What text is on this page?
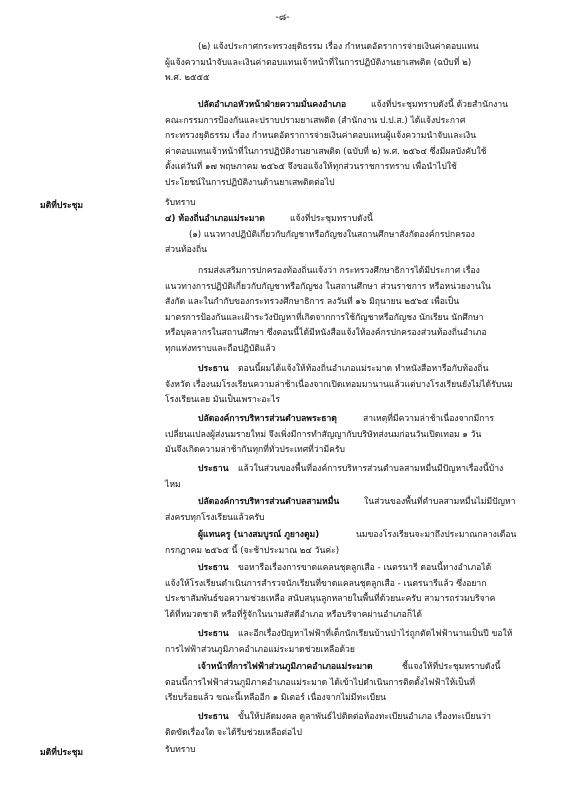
-๘-
(๒) แจ้งประกาศกระทรวงยุติธรรม เรื่อง กำหนดอัตราการจ่ายเงินค่าตอบแทน
ผู้แจ้งความนำจับและเงินค่าตอบแทนเจ้าหน้าที่ในการปฏิบัติงานยาเสพติด (ฉบับที่ ๒)
พ.ศ. ๒๕๕๕
ปลัดอำเภอหัวหน้าฝ่ายความมั่นคงอำเภอ	แจ้งที่ประชุมทราบดังนี้ ด้วยสำนักงาน
คณะกรรมการป้องกันและปราบปรามยาเสพติด (สำนักงาน ป.ป.ส.) ได้แจ้งประกาศ
กระทรวงยุติธรรม เรื่อง กำหนดอัตราการจ่ายเงินค่าตอบแทนผู้แจ้งความนำจับและเงิน
ค่าตอบแทนเจ้าหน้าที่ในการปฏิบัติงานยาเสพติด (ฉบับที่ ๒) พ.ศ. ๒๕๖๔ ซึ่งมีผลบังคับใช้
ตั้งแต่วันที่ ๑๗ พฤษภาคม ๒๕๖๕ จึงขอแจ้งให้ทุกส่วนราชการทราบ เพื่อนำไปใช้
ประโยชน์ในการปฏิบัติงานด้านยาเสพติดต่อไป
รับทราบ
๔) ท้องถิ่นอำเภอแม่ระมาด	แจ้งที่ประชุมทราบดังนี้
(๑) แนวทางปฏิบัติเกี่ยวกับกัญชาหรือกัญชงในสถานศึกษาสังกัดองค์กรปกครอง
ส่วนท้องถิ่น
กรมส่งเสริมการปกครองท้องถิ่นแจ้งว่า กระทรวงศึกษาธิการได้มีประกาศ เรื่อง
แนวทางการปฏิบัติเกี่ยวกับกัญชาหรือกัญชง ในสถานศึกษา ส่วนราชการ หรือหน่วยงานใน
สังกัด และในกำกับของกระทรวงศึกษาธิการ ลงวันที่ ๑๖ มิถุนายน ๒๕๖๕ เพื่อเป็น
มาตรการป้องกันและเฝ้าระวังปัญหาที่เกิดจากการใช้กัญชาหรือกัญชง นักเรียน นักศึกษา
หรือบุคลากรในสถานศึกษา ซึ่งตอนนี้ได้มีหนังสือแจ้งให้องค์กรปกครองส่วนท้องถิ่นอำเภอ
ทุกแห่งทราบและถือปฏิบัติแล้ว
ประธาน ตอนนี้ผมได้แจ้งให้ท้องถิ่นอำเภอแม่ระมาด ทำหนังสือหารือกับท้องถิ่น
จังหวัด เรื่องนมโรงเรียนความล่าช้าเนื่องจากเปิดเทอมมานานแล้วแต่บางโรงเรียนยังไม่ได้รับนม
โรงเรียนเลย มันเป็นเพราะอะไร
ปลัดองค์การบริหารส่วนตำบลพระธาตุ	สาเหตุที่มีความล่าช้าเนื่องจากมีการ
เปลี่ยนแปลงผู้ส่งนมรายใหม่ จึงเพิ่งมีการทำสัญญากับบริษัทส่งนมก่อนวันเปิดเทอม ๑ วัน
มันจึงเกิดความล่าช้ากันทุกที่ทั่วประเทศที่ว่ามีครับ
ประธาน แล้วในส่วนของพื้นที่องค์การบริหารส่วนตำบลสามหมื่นมีปัญหาเรื่องนี้บ้าง
ไหม
ปลัดองค์การบริหารส่วนตำบลสามหมื่น	ในส่วนของพื้นที่ตำบลสามหมื่นไม่มีปัญหา
ส่งครบทุกโรงเรียนแล้วครับ
ผู้แทนครู (นางสมบูรณ์ ภูยางตูม)	นมของโรงเรียนจะมาถึงประมาณกลางเดือน
กรกฎาคม ๒๕๖๕ นี้ (จะช้าประมาณ ๒๔ วันค่ะ)
ประธาน ขอหารือเรื่องการขาดแคลนชุดลูกเสือ - เนตรนารี ตอนนี้ทางอำเภอได้
แจ้งให้โรงเรียนดำเนินการสำรวจนักเรียนที่ขาดแคลนชุดลูกเสือ - เนตรนารีแล้ว ซึ่งอยาก
ประชาสัมพันธ์ขอความช่วยเหลือ สนับสนุนลูกหลายในพื้นที่ด้วยนะครับ สามารถร่วมบริจาค
ได้ที่หมวดชาติ หรือที่รู้จักในนามสัสดีอำเภอ หรือบริจาคผ่านอำเภอก็ได้
ประธาน และอีกเรื่องปัญหาไฟฟ้าที่เด็กนักเรียนบ้านป่าไร่ถูกตัดไฟฟ้านานเป็นปี ขอให้
การไฟฟ้าส่วนภูมิภาคอำเภอแม่ระมาดช่วยเหลือด้วย
เจ้าหน้าที่การไฟฟ้าส่วนภูมิภาคอำเภอแม่ระมาด	ชี้แจงให้ที่ประชุมทราบดังนี้
ตอนนี้การไฟฟ้าส่วนภูมิภาคอำเภอแม่ระมาด ได้เข้าไปดำเนินการติดตั้งไฟฟ้าให้เป็นที่
เรียบร้อยแล้ว ขณะนี้เหลืออีก ๑ มิเตอร์ เนื่องจากไม่มีทะเบียน
ประธาน ขั้นให้ปลัดมงคล ดูลาพันธ์ไปติดต่อห้องทะเบียนอำเภอ เรื่องทะเบียนว่า
ติดขัดเรื่องใด จะได้รีบช่วยเหลือต่อไป
รับทราบ
มติที่ประชุม
มติที่ประชุม
